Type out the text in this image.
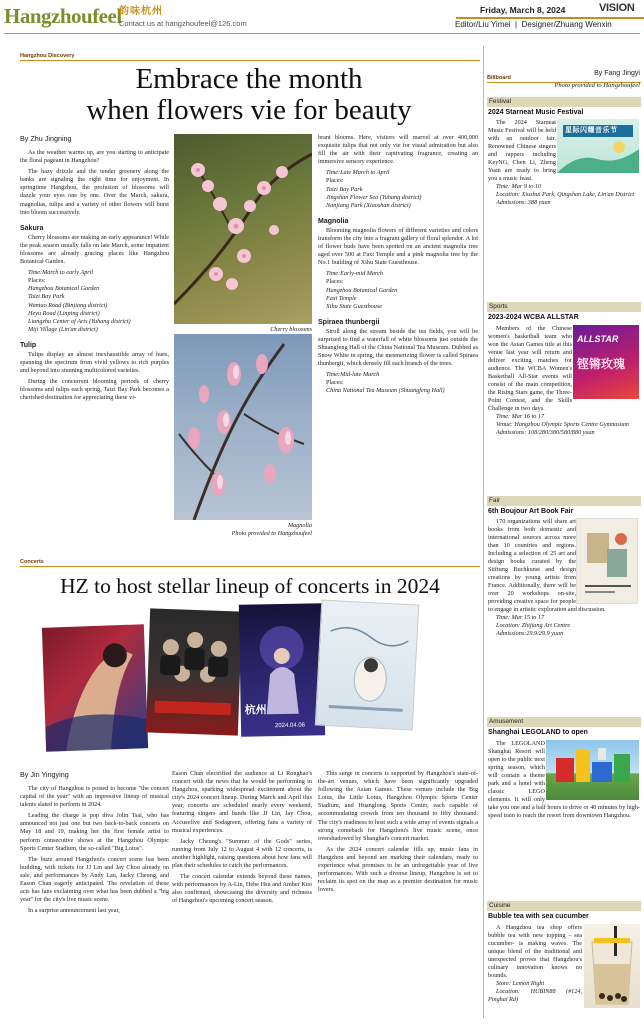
Hangzhoufeel
韵味杭州
Contact us at hangzhoufeel@126.com
Friday, March 8, 2024	VISION
Editor/Liu Yimei  |  Designer/Zhuang Wenxin
Hangzhou Discovery
Embrace the month
when flowers vie for beauty
By Zhu Jingning
As the weather warms up, are you starting to anticipate the floral pageant in Hangzhou?
The hazy drizzle and the tender greenery along the banks are signaling the right time for enjoyment. In springtime Hangzhou, the profusion of blossoms will dazzle your eyes one by one. Over the March, sakura, magnolias, tulips and a variety of other flowers will burst into bloom successively.
Sakura
Cherry blossoms are making an early appearance! While the peak season usually falls on late March, some impatient blossoms are already gracing places like Hangzhou Botanical Garden.
Time:March to early April
Places:
Hangzhou Botanical Garden
Taizi Bay Park
Wantao Road (Binjiang district)
Heyu Road (Linping district)
Liangzhu Center of Arts (Yuhang district)
Miji Village (Lin'an district)
Tulip
Tulips display an almost inexhaustible array of hues, spanning the spectrum from vivid yellows to rich purples and beyond into stunning multicolored varieties.
During the concurrent blooming periods of cherry blossoms and tulips each spring, Taizi Bay Park becomes a cherished destination for appreciating these vi-
Cherry blossoms
Magnolia
Photo provided to Hangzhoufeel
brant blooms. Here, visitors will marvel at over 400,000 exquisite tulips that not only vie for visual admiration but also fill the air with their captivating fragrance, creating an immersive sensory experience.
Time:Late March to April
Places:
Taizi Bay Park
Jingshan Flower Sea (Yuhang district)
Nanjiang Park (Xiaoshan district)
Magnolia
Blooming magnolia flowers of different varieties and colors transform the city into a fragrant gallery of floral splendor. A lot of flower buds have been spotted on an ancient magnolia tree aged over 500 at Faxi Temple and a pink magnolia tree by the No.1 building of Xihu State Guesthouse.
Time:Early-mid March
Places:
Hangzhou Botanical Garden
Faxi Temple
Xihu State Guesthouse
Spiraea thunbergii
Stroll along the stream beside the tea fields, you will be surprised to find a waterfall of white blossoms just outside the Shuangfeng Hall of the China National Tea Museum. Dubbed as Snow White in spring, the mesmerizing flower is called Spiraea thunbergii, which densely fill each branch of the trees.
Time:Mid-late March
Places:
China National Tea Museum (Shuangfeng Hall)
Concerts
HZ to host stellar lineup of concerts in 2024
杭州
2024.04.06
By Jin Yingying
The city of Hangzhou is poised to become "the concert capital of the year" with an impressive lineup of musical talents slated to perform in 2024.
Leading the charge is pop diva Jolin Tsai, who has announced not just one but two back-to-back concerts on May 18 and 19, making her the first female artist to perform consecutive shows at the Hangzhou Olympic Sports Center Stadium, the so-called "Big Lotus".
The buzz around Hangzhou's concert scene has been building, with tickets for JJ Lin and Jay Chou already on sale, and performances by Andy Lau, Jacky Cheung, and Eason Chan eagerly anticipated. The revelation of these acts has fans exclaiming over what has been dubbed a "big year" for the city's live music scene.
In a surprise announcement last year,
Eason Chan electrified the audience at Li Ronghao's concert with the news that he would be performing in Hangzhou, sparking widespread excitement about the city's 2024 concert lineup. During March and April this year, concerts are scheduled nearly every weekend, featuring singers and bands like JJ Lin, Jay Chou, Accusefive and Sodagreen, offering fans a variety of musical experiences.
Jacky Cheung's "Summer of the Gods" series, running from July 12 to August 4 with 12 concerts, is another highlight, raising questions about how fans will plan their schedules to catch the performances.
The concert calendar extends beyond these names, with performances by A-Lin, Hebe Hsu and Amber Kuo also confirmed, showcasing the diversity and richness of Hangzhou's upcoming concert season.
This surge in concerts is supported by Hangzhou's state-of-the-art venues, which have been significantly upgraded following the Asian Games. These venues include the Big Lotus, the Little Lotus, Hangzhou Olympic Sports Center Stadium, and Huanglong Sports Center, each capable of accommodating crowds from ten thousand to fifty thousand. The city's readiness to host such a wide array of events signals a strong comeback for Hangzhou's live music scene, once overshadowed by Shanghai's concert market.
As the 2024 concert calendar fills up, music fans in Hangzhou and beyond are marking their calendars, ready to experience what promises to be an unforgettable year of live performances. With such a diverse lineup, Hangzhou is set to reclaim its spot on the map as a premier destination for music lovers.
Billboard
By Fang Jingyi
Photo provided to Hangzhoufeel
Festival
2024 Starneat Music Festival
星际闪耀音乐节
The 2024 Starneat Music Festival will be held with an outdoor fair. Renowned Chinese singers and rappers including KeyNG, Chen Li, Zheng Yuan are ready to bring you a music feast.
Time: Mar 9 to 10
Location: Xiushui Park, Qingshan Lake, Lin'an District
Admissions: 388 yuan
Sports
2023-2024 WCBA ALLSTAR
ALLSTAR
铿锵玫瑰
Members of the Chinese women's basketball team who won the Asian Games title at this venue last year will return and deliver exciting matches for audience. The WCBA Women's Basketball All-Star events will consist of the main competition, the Rising Stars game, the Three-Point Contest, and the Skills Challenge in two days.
Time: Mar 16 to 17
Venue: Hangzhou Olympic Sports Centre Gymnasium
Admissions: 108/280/380/580/880 yuan
Fair
6th Boujour Art Book Fair
170 organizations will share art books from both domestic and international sources across more than 10 countries and regions. Including a selection of 25 art and design books curated by the Stiftung Buchkunst and design creations by young artists from France. Additionally, there will be over 20 workshops on-site, providing creative space for people to engage in artistic exploration and discussion.
Time: Mar 15 to 17
Location: Zhijiang Art Centre
Admissions:29.9/29.9 yuan
Amusement
Shanghai LEGOLAND to open
The LEGOLAND Shanghai Resort will open to the public next spring season, which will contain a theme park and a hotel with classic LEGO elements. It will only take you one and a half hours to drive or 40 minutes by high-speed train to reach the resort from downtown Hangzhou.
Cuisine
Bubble tea with sea cucumber
A Hangzhou tea shop offers bubble tea with new topping - sea cucumber- is making waves. The unique blend of the traditional and unexpected proves that Hangzhou's culinary innovation knows no bounds.
Store: Lemon Right
Location: HUBIN88 (#124, Pinghai Rd)
